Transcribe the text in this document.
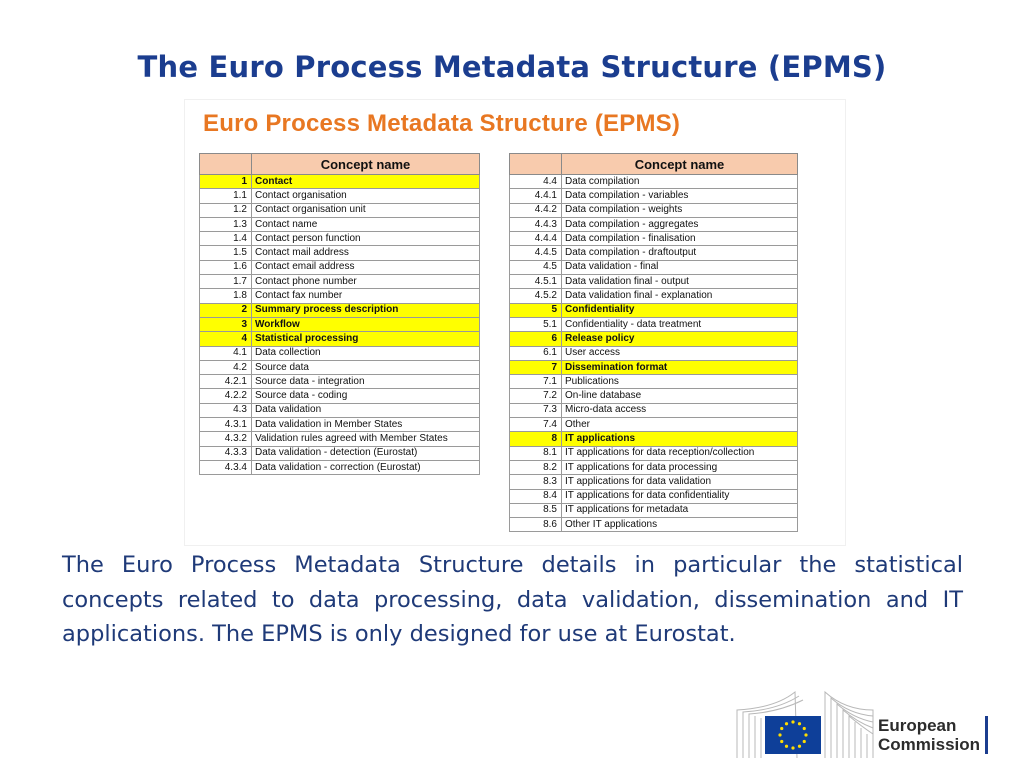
The Euro Process Metadata Structure (EPMS)
Euro Process Metadata Structure (EPMS)
	Concept name
1	Contact
1.1	Contact organisation
1.2	Contact organisation unit
1.3	Contact name
1.4	Contact person function
1.5	Contact mail address
1.6	Contact email address
1.7	Contact phone number
1.8	Contact fax number
2	Summary process description
3	Workflow
4	Statistical processing
4.1	Data collection
4.2	Source data
4.2.1	Source data - integration
4.2.2	Source data - coding
4.3	Data validation
4.3.1	Data validation in Member States
4.3.2	Validation rules agreed with Member States
4.3.3	Data validation - detection (Eurostat)
4.3.4	Data validation - correction (Eurostat)
	Concept name
4.4	Data compilation
4.4.1	Data compilation - variables
4.4.2	Data compilation - weights
4.4.3	Data compilation - aggregates
4.4.4	Data compilation - finalisation
4.4.5	Data compilation - draftoutput
4.5	Data validation - final
4.5.1	Data validation final - output
4.5.2	Data validation final - explanation
5	Confidentiality
5.1	Confidentiality - data treatment
6	Release policy
6.1	User access
7	Dissemination format
7.1	Publications
7.2	On-line database
7.3	Micro-data access
7.4	Other
8	IT applications
8.1	IT applications for data reception/collection
8.2	IT applications for data processing
8.3	IT applications for data validation
8.4	IT applications for data confidentiality
8.5	IT applications for metadata
8.6	Other IT applications
The Euro Process Metadata Structure details in particular the statistical concepts related to data processing, data validation, dissemination and IT applications. The EPMS is only designed for use at Eurostat.
European
Commission
